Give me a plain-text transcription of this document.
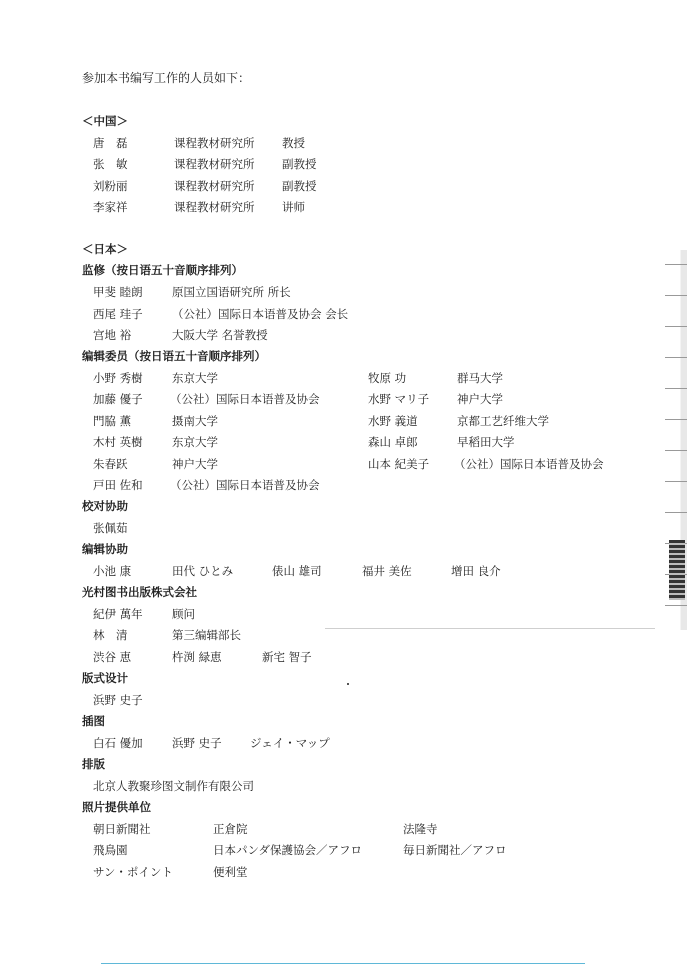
参加本书编写工作的人员如下：
＜中国＞
唐　磊	课程教材研究所 教授
张　敏	课程教材研究所 副教授
刘粉丽	课程教材研究所 副教授
李家祥	课程教材研究所 讲师
＜日本＞
监修（按日语五十音顺序排列）
甲斐 睦朗	原国立国语研究所 所长
西尾 珪子	（公社）国际日本语普及协会 会长
宫地 裕	大阪大学 名誉教授
编辑委员（按日语五十音顺序排列）
小野 秀樹	东京大学	牧原 功	群马大学
加藤 優子 （公社）国际日本语普及协会	水野 マリ子 神户大学
門脇 薫	摄南大学	水野 義道	京都工艺纤维大学
木村 英樹	东京大学	森山 卓郎	早稻田大学
朱春跃	神户大学	山本 紀美子 （公社）国际日本语普及协会
戸田 佐和 （公社）国际日本语普及协会
校对协助
张佩茹
编辑协助
小池 康	田代 ひとみ	俵山 雄司	福井 美佐	增田 良介
光村图书出版株式会社
紀伊 萬年	顾问
林　清	第三编辑部长
渋谷 恵	杵渕 緑恵	新宅 智子
版式设计
浜野 史子
插图
白石 優加	浜野 史子 ジェイ・マップ
排版
北京人教聚珍图文制作有限公司
照片提供单位
朝日新聞社	正倉院	法隆寺
飛鳥園	日本パンダ保護協会／アフロ	毎日新聞社／アフロ
サン・ポイント	便利堂
